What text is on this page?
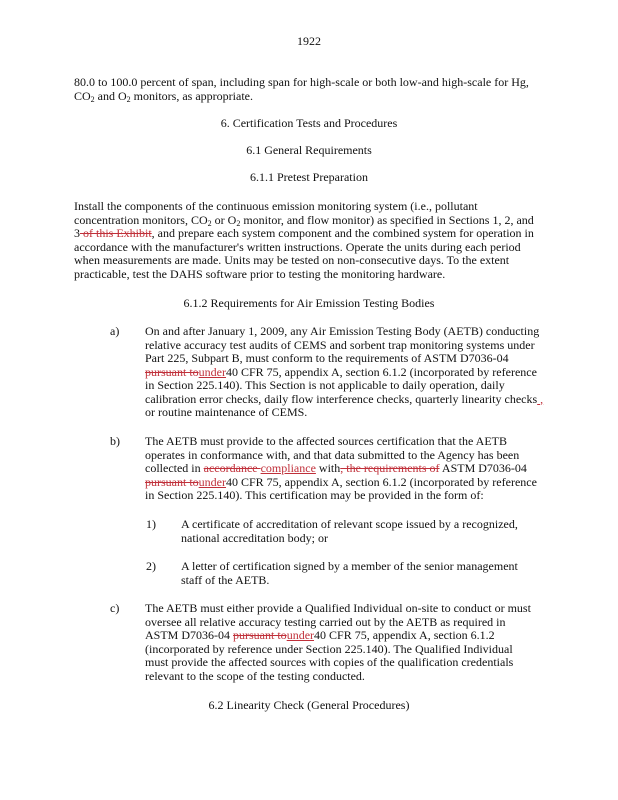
1922
80.0 to 100.0 percent of span, including span for high-scale or both low-and high-scale for Hg,
$CO_2$ and $O_2$ monitors, as appropriate.
6. Certification Tests and Procedures
6.1 General Requirements
6.1.1 Pretest Preparation
Install the components of the continuous emission monitoring system (i.e., pollutant
concentration monitors, $CO_2$ or $O_2$ monitor, and flow monitor) as specified in Sections 1, 2, and
3 of this Exhibit, and prepare each system component and the combined system for operation in
accordance with the manufacturer's written instructions. Operate the units during each period
when measurements are made. Units may be tested on non-consecutive days. To the extent
practicable, test the DAHS software prior to testing the monitoring hardware.
6.1.2 Requirements for Air Emission Testing Bodies
a) On and after January 1, 2009, any Air Emission Testing Body (AETB) conducting
relative accuracy test audits of CEMS and sorbent trap monitoring systems under
Part 225, Subpart B, must conform to the requirements of ASTM D7036-04
pursuant tounder40 CFR 75, appendix A, section 6.1.2 (incorporated by reference
in Section 225.140). This Section is not applicable to daily operation, daily
calibration error checks, daily flow interference checks, quarterly linearity checks ,
or routine maintenance of CEMS.
b) The AETB must provide to the affected sources certification that the AETB
operates in conformance with, and that data submitted to the Agency has been
collected in accordance compliance with, the requirements of ASTM D7036-04
pursuant tounder40 CFR 75, appendix A, section 6.1.2 (incorporated by reference
in Section 225.140). This certification may be provided in the form of:
1) A certificate of accreditation of relevant scope issued by a recognized,
national accreditation body; or
2) A letter of certification signed by a member of the senior management
staff of the AETB.
c) The AETB must either provide a Qualified Individual on-site to conduct or must
oversee all relative accuracy testing carried out by the AETB as required in
ASTM D7036-04 pursuant tounder40 CFR 75, appendix A, section 6.1.2
(incorporated by reference under Section 225.140). The Qualified Individual
must provide the affected sources with copies of the qualification credentials
relevant to the scope of the testing conducted.
6.2 Linearity Check (General Procedures)
